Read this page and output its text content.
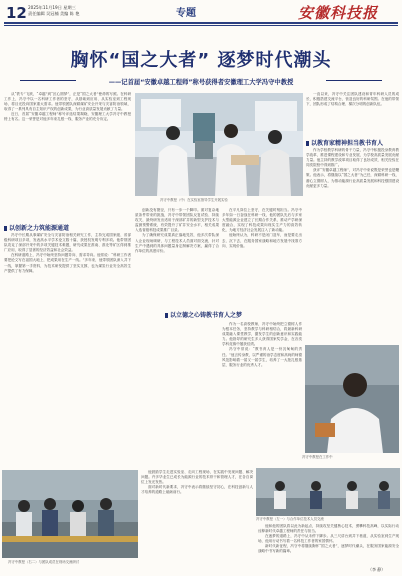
12 2025年11月19日 星期三
责任编辑 吴冠楠 美编 陈 艳	专题	安徽科技报
胸怀“国之大者” 逐梦时代潮头
——记首届“安徽卓越工程师”称号获得者安徽理工大学冯守中教授
冯守中教授（中）在实验室指导学生开展实验
冯守中教授（右二）与团队成员在现场交流研讨
冯守中教授在工作中
冯守中教授（左一）与合作单位技术人员交流

从“铁专”飞跃，“卓越”到“匠心圆梦”，正是“国之大者”使命的写照。在科研工作上，冯守中以一名科研工作者的坚守，从基础到应用、从实验室到工程现场，将目光投向国家重大需求。他带领团队深耕煤矿安全开采与灾害防治领域，取得了一系列具有自主知识产权的创新成果，为行业高质量发展贡献了力量。

近日，首届“安徽卓越工程师”称号评选结果揭晓，安徽理工大学冯守中教授榜上有名。这一荣誉是对他多年来扎根一线、服务产业的充分肯定。

以创新之力筑能源通道

冯守中长期从事煤矿安全与灾害防治相关研究工作，主持完成国家级、省部级科研项目多项，发表高水平学术论文数十篇，获授权发明专利多项。他带领团队攻克了深部开采中的多项关键技术难题，研究成果在淮南、淮北等矿区得到推广应用，取得了显著的经济效益和社会效益。

在科研道路上，冯守中始终坚持问题导向、需求导向。他常说：“科研工作者要把论文写在祖国大地上，把成果用在生产一线。”多年来，他带领团队深入井下一线，掌握第一手资料，为技术研发提供了坚实支撑，也为煤炭行业安全高效生产提供了有力保障。

创新没有捷径，只有一步一个脚印。面对复杂地质条件带来的挑战，冯守中带领团队反复试验、持续攻关，最终研发出适用于深部矿井的新型支护技术与监测预警系统，有效提升了矿井安全水平，相关成果入选省级科技成果推广目录。

为了确保研究成果真正落地见效，他多次带队深入企业现场调研，与工程技术人员面对面交流，针对生产中遇到的具体问题量身定制解决方案，赢得了合作单位的高度评价。

在平凡岗位上坚守，在关键时刻担当。冯守中多年如一日奋战在科研一线，他的团队先后与多家大型能源企业建立了长期合作关系，推动产学研深度融合，实现了科技成果向现实生产力的高效转化，为地方经济社会发展注入了新动能。

他始终认为，科研不是闭门造车，而是要走出去、沉下去，在服务国家战略和地方发展中找准方向、实现价值。

以立德之心铸教书育人之梦

作为一名高校教师，冯守中始终把立德树人作为根本任务，坚持教学与科研相结合，将最新科研成果融入课堂教学，激发学生的创新意识和实践能力。他指导的研究生多人获得国家奖学金，在各类学科竞赛中屡获佳绩。

冯守中常说：“教书育人是一份沉甸甸的责任。”他言传身教，以严谨的治学态度和高尚的师德风范影响着一届又一届学生，培养了一大批扎根基层、服务行业的优秀人才。

他鼓励学生走进实验室、走向工程现场，在实践中发现问题、解决问题。许多毕业生已成长为能源行业的技术骨干和管理人才，在各自岗位上发光发热。

面对新时代新要求，冯守中表示将继续坚守初心，在科技创新与人才培养的道路上砥砺前行。

一直以来，冯守中关注团队建设和青年科研人员的成长，积极搭建交流平台，营造良好的科研氛围。在他的带领下，团队形成了结构合理、梯次分明的创新队伍。

以教育家精神担当教书育人

作为学校教学科研的骨干力量，冯守中积极投身教育教学改革，推进课程建设和专业发展，为学校高质量发展贡献力量。他主持的教学改革项目取得了良好成效，相关经验在同类院校中得到推广。

获评“安徽卓越工程师”，对冯守中来说既是荣誉也是鞭策。他表示，将继续以“国之大者”为己任，深耕科研一线，潜心立德树人，为推动能源行业高质量发展和科技强国建设贡献更多力量。

他和他的团队将以此为新起点，持续攻坚关键核心技术，勇攀科技高峰，以实际行动诠释新时代卓越工程师的责任与担当。

在逐梦的道路上，冯守中从未停下脚步。从三尺讲台到井下巷道，从实验室到生产现场，他用行动书写着一名科技工作者的家国情怀。

新时代新征程，冯守中将继续胸怀“国之大者”，逐梦时代潮头，在服务国家能源安全战略中书写新的篇章。

（李 静）
